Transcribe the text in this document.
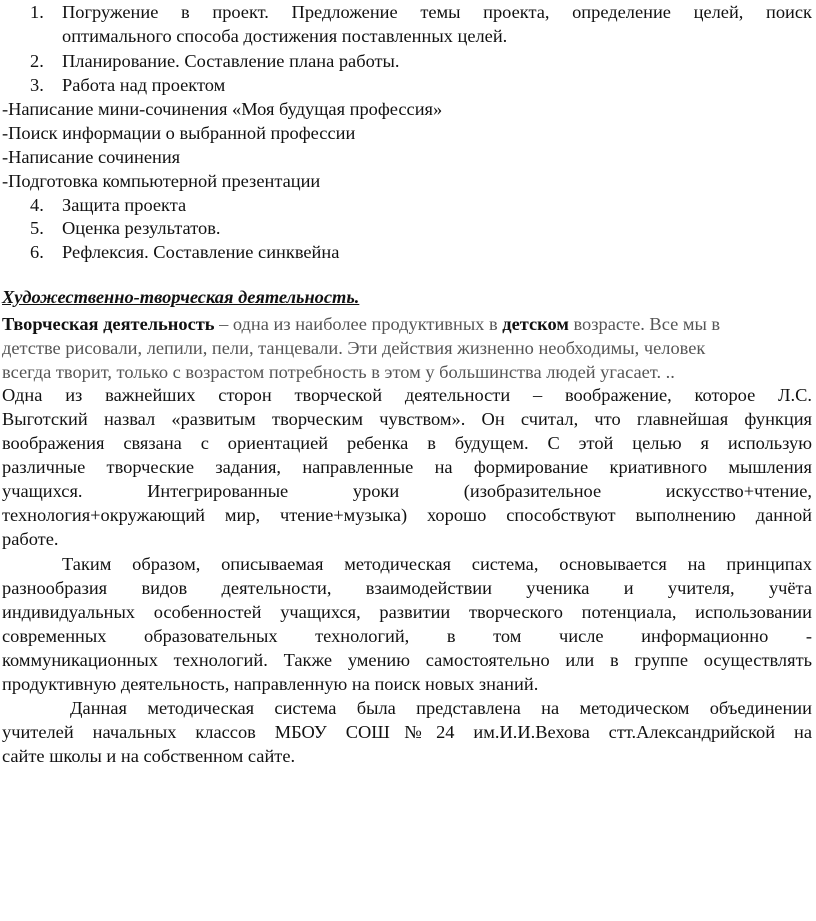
1. Погружение в проект. Предложение темы проекта, определение целей, поиск
оптимального способа достижения поставленных целей.
2. Планирование. Составление плана работы.
3. Работа над проектом
-Написание мини-сочинения «Моя будущая профессия»
-Поиск информации о выбранной профессии
-Написание сочинения
-Подготовка компьютерной презентации
4. Защита проекта
5. Оценка результатов.
6. Рефлексия. Составление синквейна
Художественно-творческая деятельность.
Творческая деятельность – одна из наиболее продуктивных в детском возрасте. Все мы в
детстве рисовали, лепили, пели, танцевали. Эти действия жизненно необходимы, человек
всегда творит, только с возрастом потребность в этом у большинства людей угасает. ..
Одна из важнейших сторон творческой деятельности – воображение, которое Л.С.
Выготский назвал «развитым творческим чувством». Он считал, что главнейшая функция
воображения связана с ориентацией ребенка в будущем. С этой целью я использую
различные творческие задания, направленные на формирование криативного мышления
учащихся. Интегрированные уроки (изобразительное искусство+чтение,
технология+окружающий мир, чтение+музыка) хорошо способствуют выполнению данной
работе.
Таким образом, описываемая методическая система, основывается на принципах
разнообразия видов деятельности, взаимодействии ученика и учителя, учёта
индивидуальных особенностей учащихся, развитии творческого потенциала, использовании
современных образовательных технологий, в том числе информационно -
коммуникационных технологий. Также умению самостоятельно или в группе осуществлять
продуктивную деятельность, направленную на поиск новых знаний.
Данная методическая система была представлена на методическом объединении
учителей начальных классов МБОУ СОШ№24 им.И.И.Вехова стт.Александрийской на
сайте школы и на собственном сайте.
